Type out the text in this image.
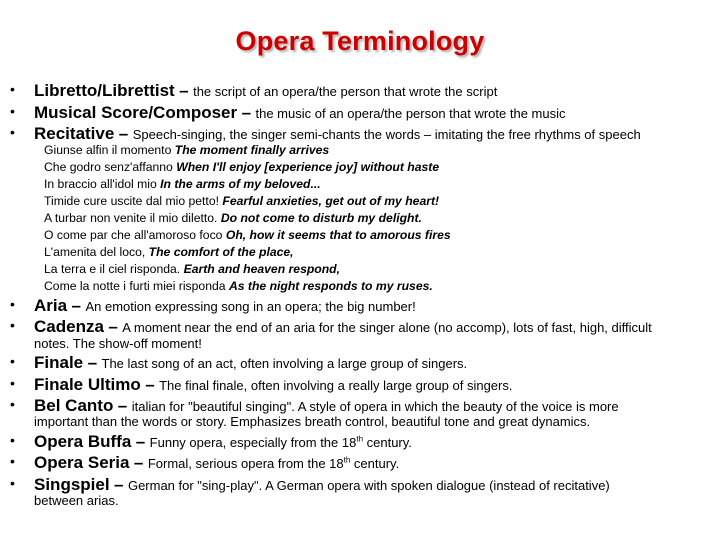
Opera Terminology
• Libretto/Librettist – the script of an opera/the person that wrote the script
• Musical Score/Composer – the music of an opera/the person that wrote the music
• Recitative – Speech-singing, the singer semi-chants the words – imitating the free rhythms of speech
Giunse alfin il momento The moment finally arrives
Che godro senz'affanno When I'll enjoy [experience joy] without haste
In braccio all'idol mio In the arms of my beloved...
Timide cure uscite dal mio petto! Fearful anxieties, get out of my heart!
A turbar non venite il mio diletto. Do not come to disturb my delight.
O come par che all'amoroso foco Oh, how it seems that to amorous fires
L'amenita del loco, The comfort of the place,
La terra e il ciel risponda. Earth and heaven respond,
Come la notte i furti miei risponda As the night responds to my ruses.
• Aria – An emotion expressing song in an opera; the big number!
• Cadenza – A moment near the end of an aria for the singer alone (no accomp), lots of fast, high, difficult
notes. The show-off moment!
• Finale – The last song of an act, often involving a large group of singers.
• Finale Ultimo – The final finale, often involving a really large group of singers.
• Bel Canto – italian for "beautiful singing". A style of opera in which the beauty of the voice is more
important than the words or story. Emphasizes breath control, beautiful tone and great dynamics.
• Opera Buffa – Funny opera, especially from the 18th century.
• Opera Seria – Formal, serious opera from the 18th century.
• Singspiel – German for "sing-play". A German opera with spoken dialogue (instead of recitative)
between arias.
